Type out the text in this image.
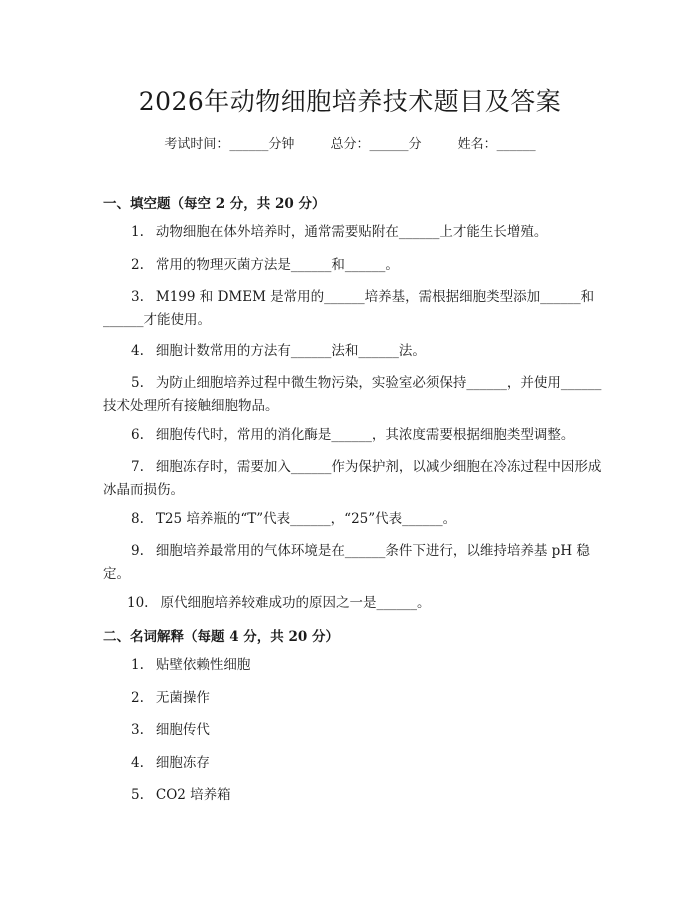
2026年动物细胞培养技术题目及答案
考试时间：______分钟	总分：______分	姓名：______

一、填空题（每空 2 分，共 20 分）

1. 动物细胞在体外培养时，通常需要贴附在______上才能生长增殖。

2. 常用的物理灭菌方法是______和______。

3. M199 和 DMEM 是常用的______培养基，需根据细胞类型添加______和______才能使用。

4. 细胞计数常用的方法有______法和______法。

5. 为防止细胞培养过程中微生物污染，实验室必须保持______，并使用______技术处理所有接触细胞物品。

6. 细胞传代时，常用的消化酶是______，其浓度需要根据细胞类型调整。

7. 细胞冻存时，需要加入______作为保护剂，以减少细胞在冷冻过程中因形成冰晶而损伤。

8. T25 培养瓶的“T”代表______，“25”代表______。

9. 细胞培养最常用的气体环境是在______条件下进行，以维持培养基 pH 稳定。

10. 原代细胞培养较难成功的原因之一是______。

二、名词解释（每题 4 分，共 20 分）

1. 贴壁依赖性细胞

2. 无菌操作

3. 细胞传代

4. 细胞冻存

5. CO2 培养箱
